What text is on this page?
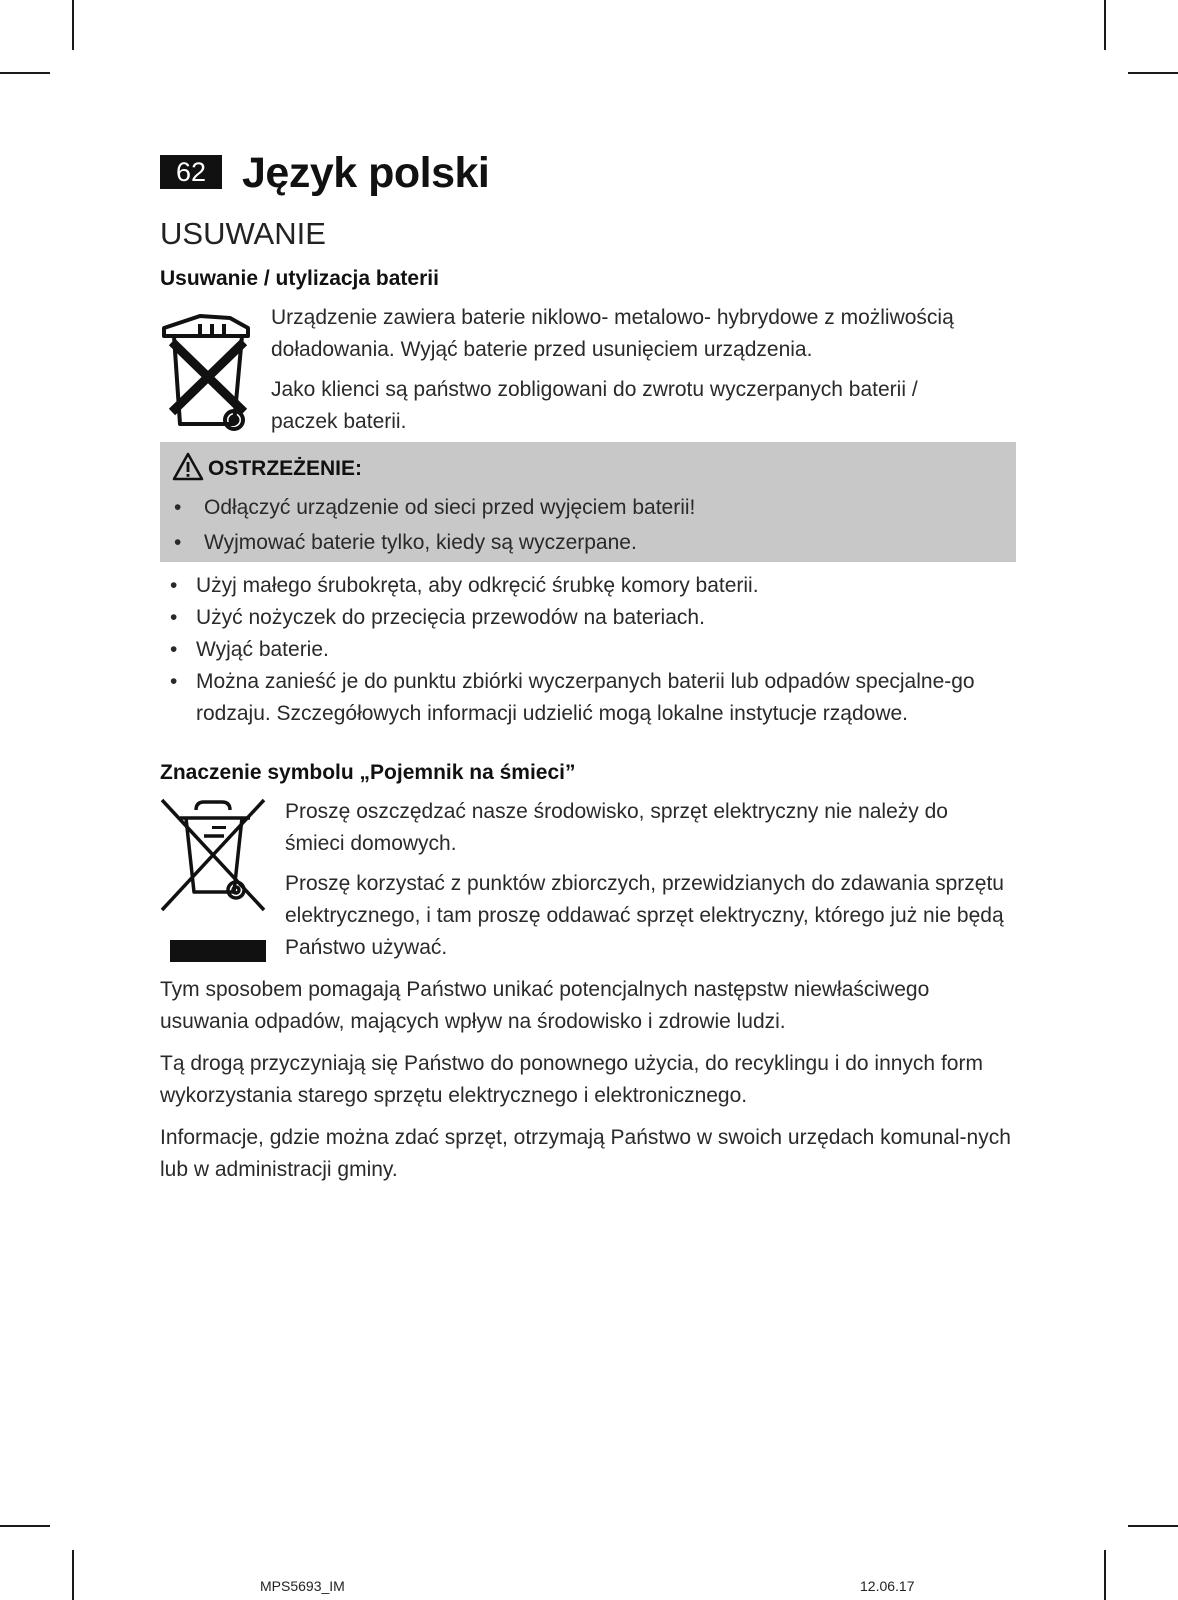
62 Język polski
USUWANIE
Usuwanie / utylizacja baterii

Urządzenie zawiera baterie niklowo- metalowo- hybrydowe z możliwością doładowania. Wyjąć baterie przed usunięciem urządzenia.

Jako klienci są państwo zobligowani do zwrotu wyczerpanych baterii / paczek baterii.

OSTRZEŻENIE:

• Odłączyć urządzenie od sieci przed wyjęciem baterii!
• Wyjmować baterie tylko, kiedy są wyczerpane.
• Użyj małego śrubokręta, aby odkręcić śrubkę komory baterii.
• Użyć nożyczek do przecięcia przewodów na bateriach.
• Wyjąć baterie.
• Można zanieść je do punktu zbiórki wyczerpanych baterii lub odpadów specjalne-go rodzaju. Szczegółowych informacji udzielić mogą lokalne instytucje rządowe.
Znaczenie symbolu „Pojemnik na śmieci”

Proszę oszczędzać nasze środowisko, sprzęt elektryczny nie należy do śmieci domowych.

Proszę korzystać z punktów zbiorczych, przewidzianych do zdawania sprzętu elektrycznego, i tam proszę oddawać sprzęt elektryczny, którego już nie będą Państwo używać.

Tym sposobem pomagają Państwo unikać potencjalnych następstw niewłaściwego usuwania odpadów, mających wpływ na środowisko i zdrowie ludzi.

Tą drogą przyczyniają się Państwo do ponownego użycia, do recyklingu i do innych form wykorzystania starego sprzętu elektrycznego i elektronicznego.

Informacje, gdzie można zdać sprzęt, otrzymają Państwo w swoich urzędach komunal-nych lub w administracji gminy.

MPS5693_IM	12.06.17
